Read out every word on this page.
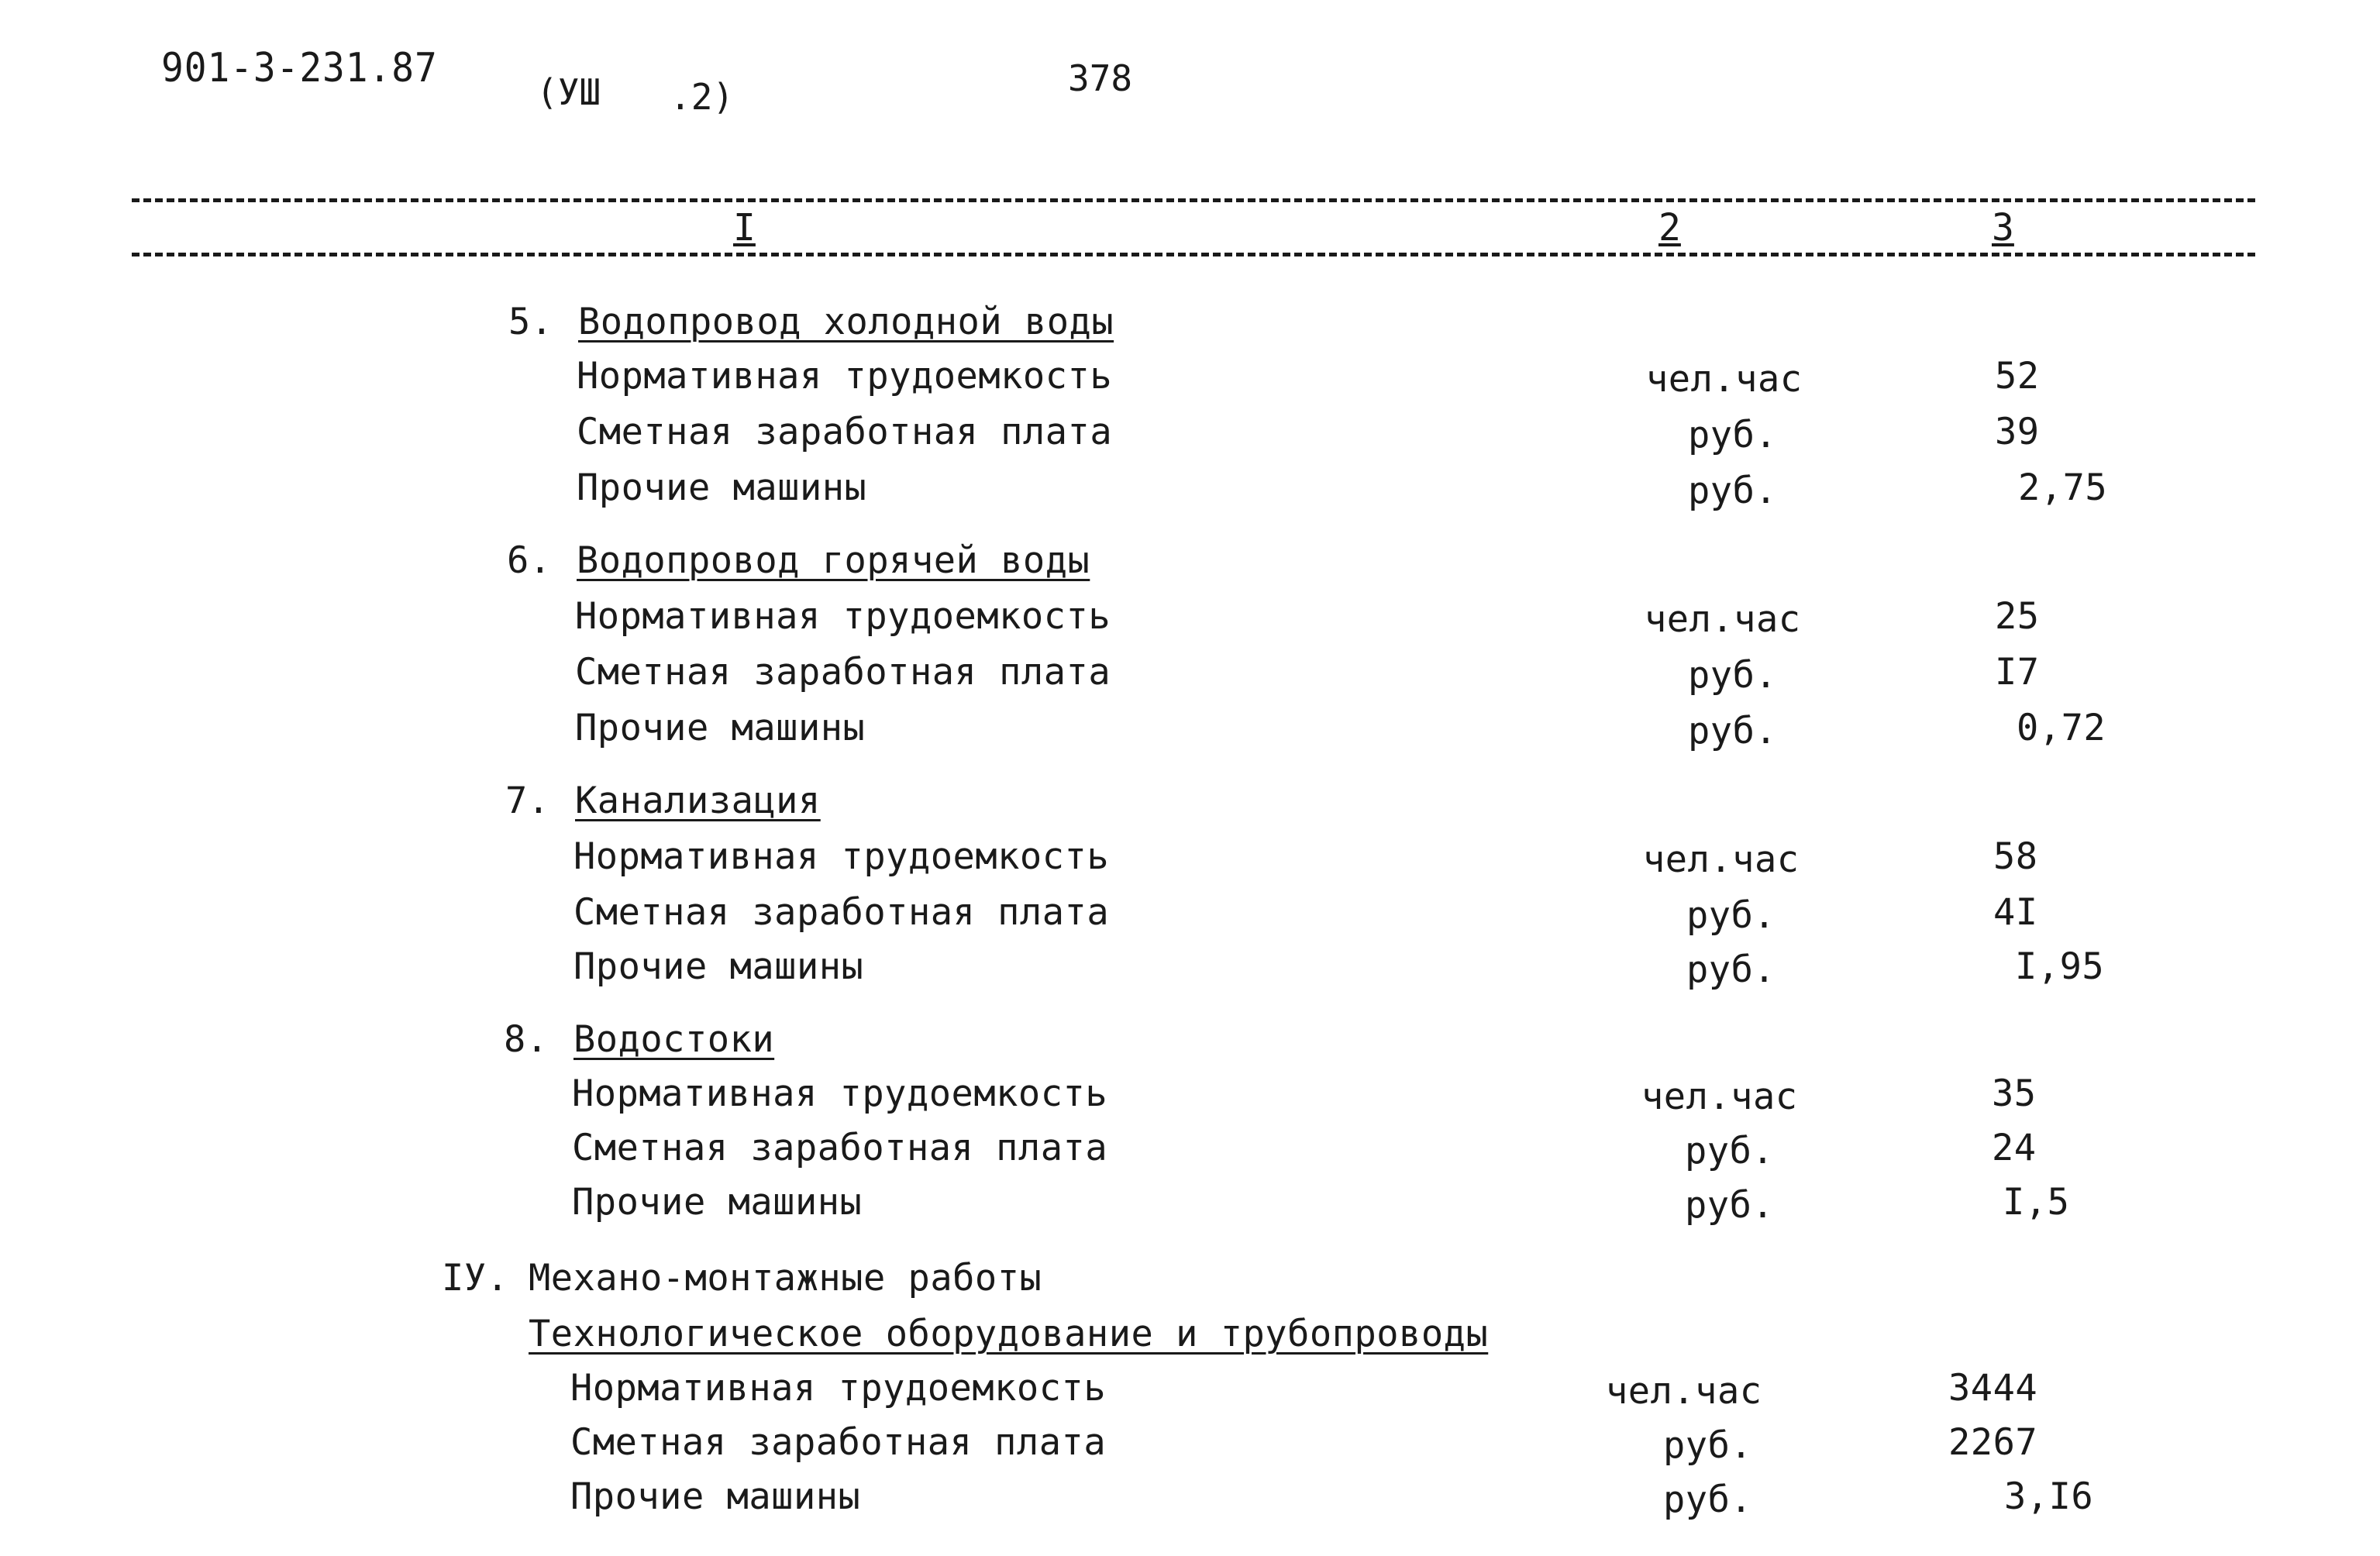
901-3-231.87
(УШ .2)	378
I	2	3
5. Водопровод холодной воды
Нормативная трудоемкость	чел.час	52
Сметная заработная плата	руб.	39
Прочие машины	руб.	2,75
6. Водопровод горячей воды
Нормативная трудоемкость	чел.час	25
Сметная заработная плата	руб.	I7
Прочие машины	руб.	0,72
7. Канализация
Нормативная трудоемкость	чел.час	58
Сметная заработная плата	руб.	4I
Прочие машины	руб.	I,95
8. Водостоки
Нормативная трудоемкость	чел.час	35
Сметная заработная плата	руб.	24
Прочие машины	руб.	I,5
IУ. Механо-монтажные работы
Технологическое оборудование и трубопроводы
Нормативная трудоемкость	чел.час	3444
Сметная заработная плата	руб.	2267
Прочие машины	руб.	3,I6
